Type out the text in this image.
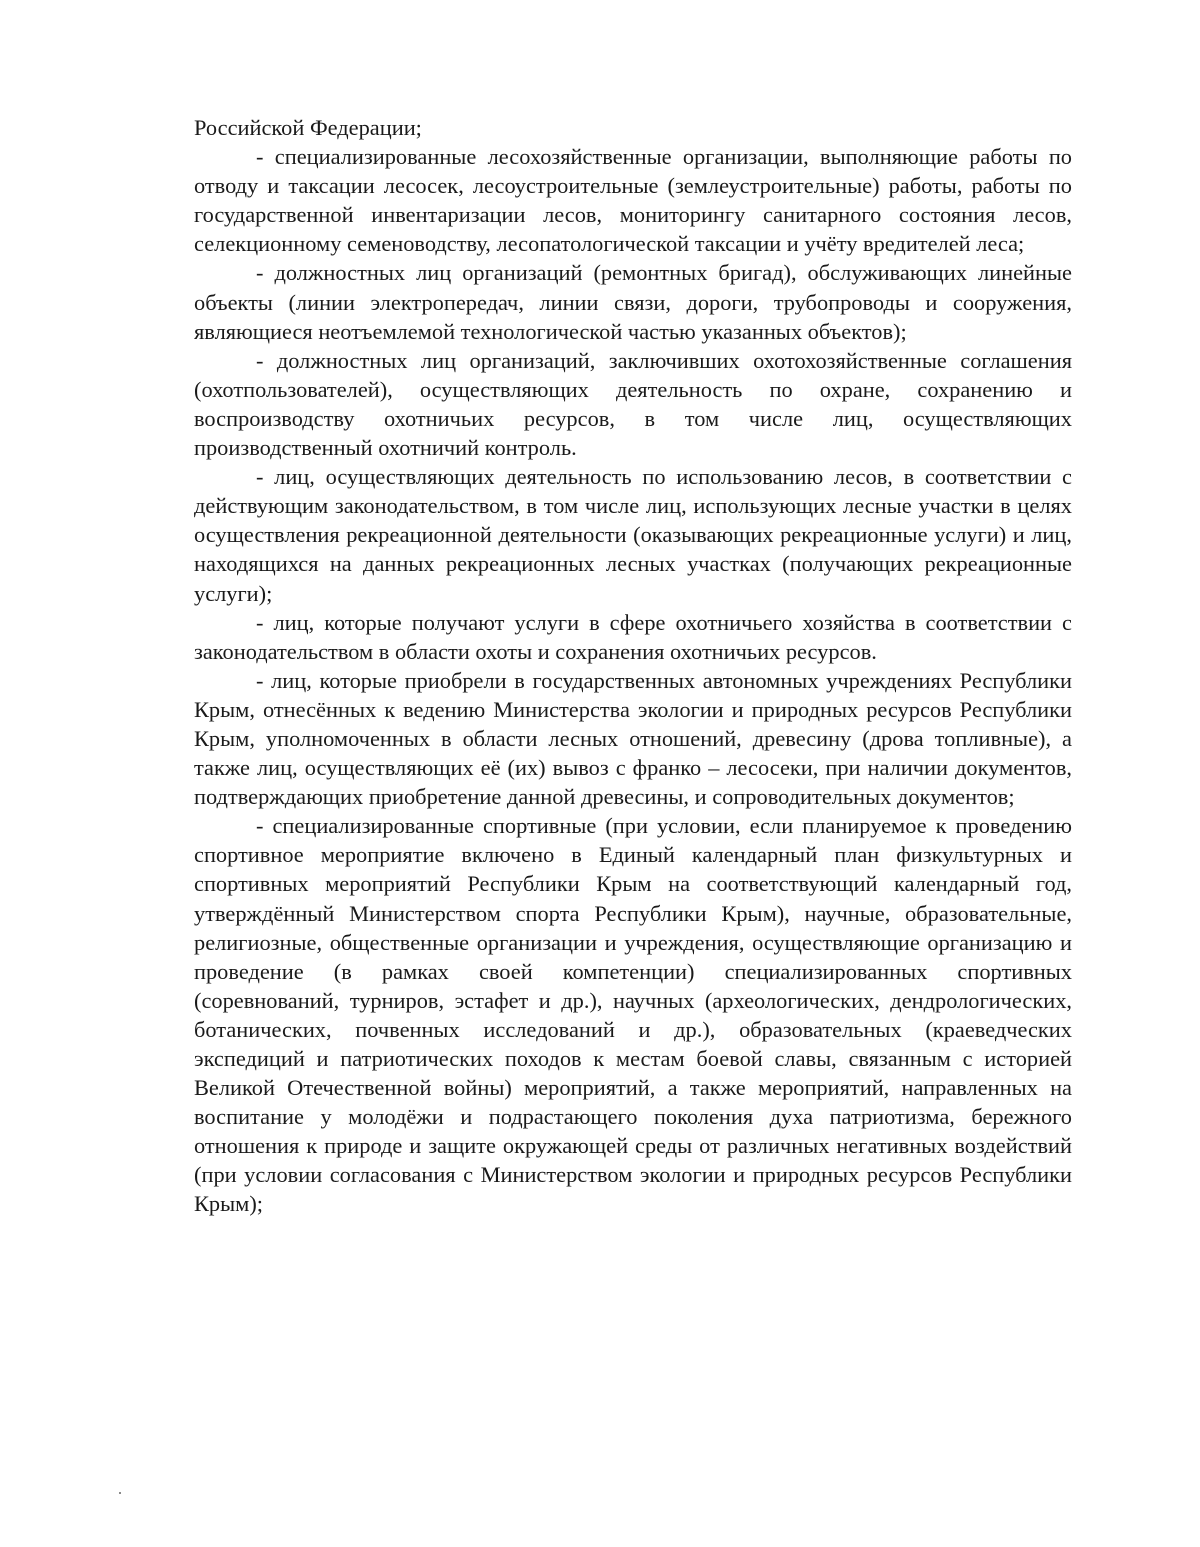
Российской Федерации;

- специализированные лесохозяйственные организации, выполняющие работы по отводу и таксации лесосек, лесоустроительные (землеустроительные) работы, работы по государственной инвентаризации лесов, мониторингу санитарного состояния лесов, селекционному семеноводству, лесопатологической таксации и учёту вредителей леса;

- должностных лиц организаций (ремонтных бригад), обслуживающих линейные объекты (линии электропередач, линии связи, дороги, трубопроводы и сооружения, являющиеся неотъемлемой технологической частью указанных объектов);

- должностных лиц организаций, заключивших охотохозяйственные соглашения (охотпользователей), осуществляющих деятельность по охране, сохранению и воспроизводству охотничьих ресурсов, в том числе лиц, осуществляющих производственный охотничий контроль.

- лиц, осуществляющих деятельность по использованию лесов, в соответствии с действующим законодательством, в том числе лиц, использующих лесные участки в целях осуществления рекреационной деятельности (оказывающих рекреационные услуги) и лиц, находящихся на данных рекреационных лесных участках (получающих рекреационные услуги);

- лиц, которые получают услуги в сфере охотничьего хозяйства в соответствии с законодательством в области охоты и сохранения охотничьих ресурсов.

- лиц, которые приобрели в государственных автономных учреждениях Республики Крым, отнесённых к ведению Министерства экологии и природных ресурсов Республики Крым, уполномоченных в области лесных отношений, древесину (дрова топливные), а также лиц, осуществляющих её (их) вывоз с франко – лесосеки, при наличии документов, подтверждающих приобретение данной древесины, и сопроводительных документов;

- специализированные спортивные (при условии, если планируемое к проведению спортивное мероприятие включено в Единый календарный план физкультурных и спортивных мероприятий Республики Крым на соответствующий календарный год, утверждённый Министерством спорта Республики Крым), научные, образовательные, религиозные, общественные организации и учреждения, осуществляющие организацию и проведение (в рамках своей компетенции) специализированных спортивных (соревнований, турниров, эстафет и др.), научных (археологических, дендрологических, ботанических, почвенных исследований и др.), образовательных (краеведческих экспедиций и патриотических походов к местам боевой славы, связанным с историей Великой Отечественной войны) мероприятий, а также мероприятий, направленных на воспитание у молодёжи и подрастающего поколения духа патриотизма, бережного отношения к природе и защите окружающей среды от различных негативных воздействий (при условии согласования с Министерством экологии и природных ресурсов Республики Крым);
